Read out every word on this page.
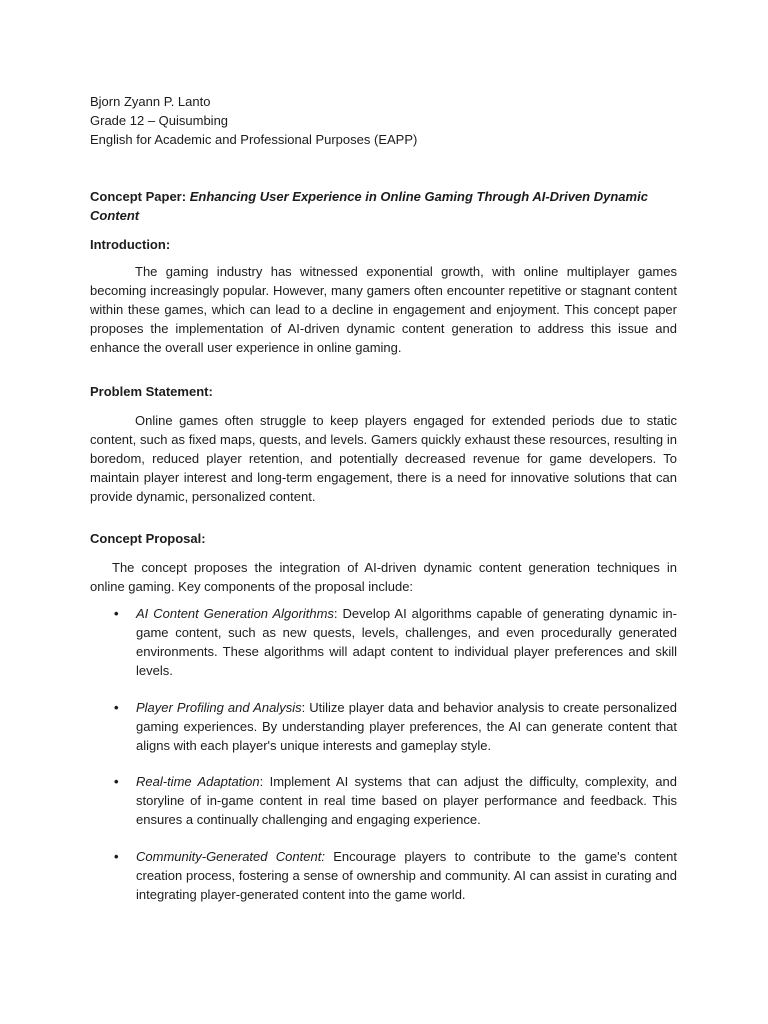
Bjorn Zyann P. Lanto

Grade 12 – Quisumbing

English for Academic and Professional Purposes (EAPP)

Concept Paper: Enhancing User Experience in Online Gaming Through AI-Driven Dynamic Content

Introduction:

The gaming industry has witnessed exponential growth, with online multiplayer games becoming increasingly popular. However, many gamers often encounter repetitive or stagnant content within these games, which can lead to a decline in engagement and enjoyment. This concept paper proposes the implementation of AI-driven dynamic content generation to address this issue and enhance the overall user experience in online gaming.

Problem Statement:

Online games often struggle to keep players engaged for extended periods due to static content, such as fixed maps, quests, and levels. Gamers quickly exhaust these resources, resulting in boredom, reduced player retention, and potentially decreased revenue for game developers. To maintain player interest and long-term engagement, there is a need for innovative solutions that can provide dynamic, personalized content.

Concept Proposal:

The concept proposes the integration of AI-driven dynamic content generation techniques in online gaming. Key components of the proposal include:

• AI Content Generation Algorithms: Develop AI algorithms capable of generating dynamic in-game content, such as new quests, levels, challenges, and even procedurally generated environments. These algorithms will adapt content to individual player preferences and skill levels.
• Player Profiling and Analysis: Utilize player data and behavior analysis to create personalized gaming experiences. By understanding player preferences, the AI can generate content that aligns with each player's unique interests and gameplay style.
• Real-time Adaptation: Implement AI systems that can adjust the difficulty, complexity, and storyline of in-game content in real time based on player performance and feedback. This ensures a continually challenging and engaging experience.
• Community-Generated Content: Encourage players to contribute to the game's content creation process, fostering a sense of ownership and community. AI can assist in curating and integrating player-generated content into the game world.
